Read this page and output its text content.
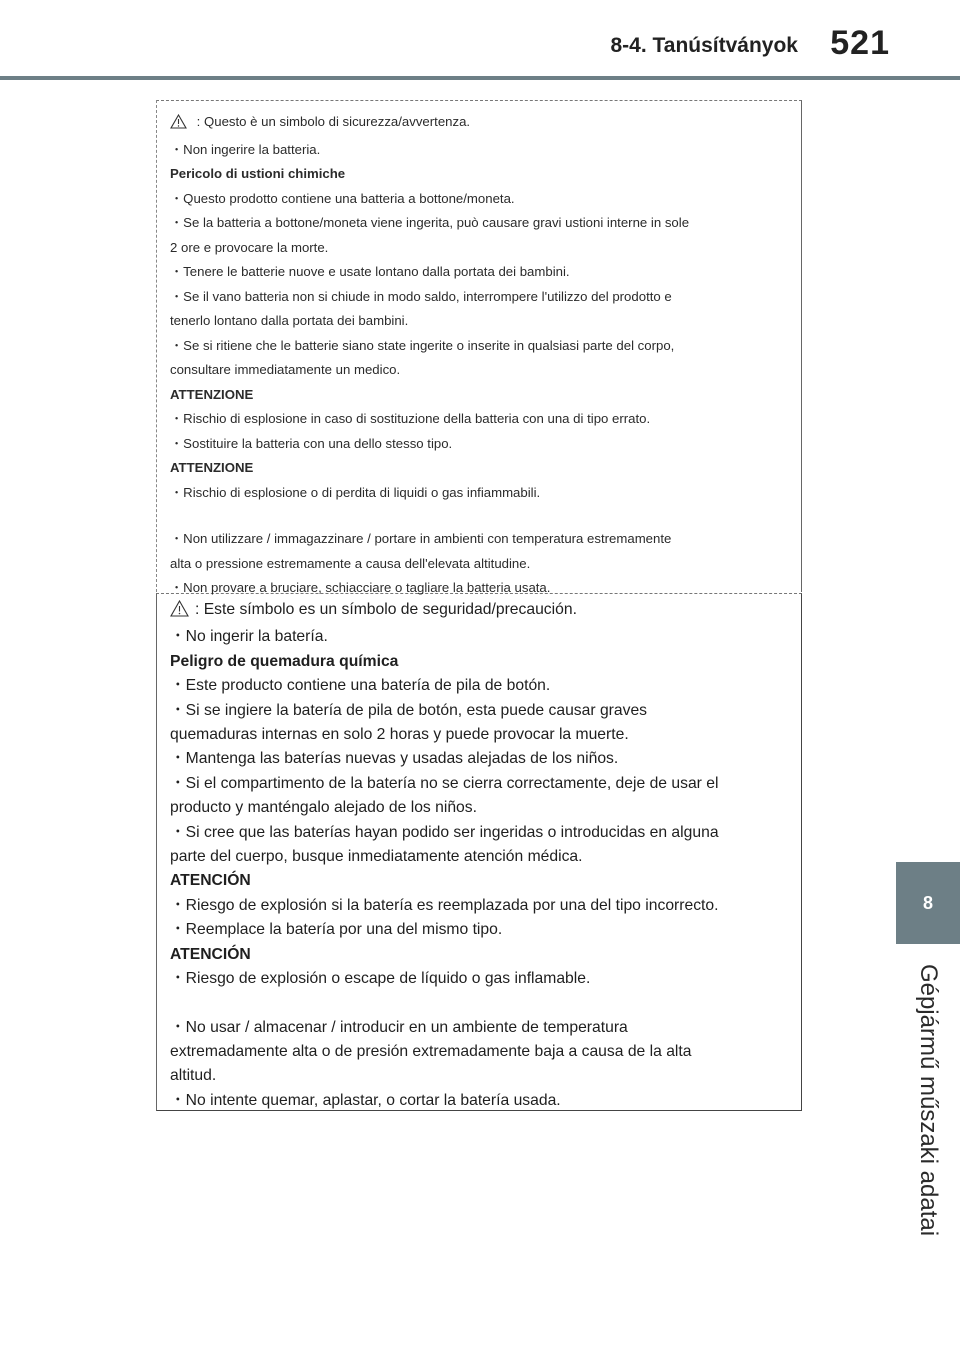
8-4. Tanúsítványok 521
8
Gépjármű műszaki adatai
: Questo è un simbolo di sicurezza/avvertenza.
・Non ingerire la batteria.
Pericolo di ustioni chimiche
・Questo prodotto contiene una batteria a bottone/moneta.
・Se la batteria a bottone/moneta viene ingerita, può causare gravi ustioni interne in sole
2 ore e provocare la morte.
・Tenere le batterie nuove e usate lontano dalla portata dei bambini.
・Se il vano batteria non si chiude in modo saldo, interrompere l'utilizzo del prodotto e
tenerlo lontano dalla portata dei bambini.
・Se si ritiene che le batterie siano state ingerite o inserite in qualsiasi parte del corpo,
consultare immediatamente un medico.
ATTENZIONE
・Rischio di esplosione in caso di sostituzione della batteria con una di tipo errato.
・Sostituire la batteria con una dello stesso tipo.
ATTENZIONE
・Rischio di esplosione o di perdita di liquidi o gas infiammabili.
・Non utilizzare / immagazzinare / portare in ambienti con temperatura estremamente
alta o pressione estremamente a causa dell'elevata altitudine.
・Non provare a bruciare, schiacciare o tagliare la batteria usata.
: Este símbolo es un símbolo de seguridad/precaución.
・No ingerir la batería.
Peligro de quemadura química
・Este producto contiene una batería de pila de botón.
・Si se ingiere la batería de pila de botón, esta puede causar graves
quemaduras internas en solo 2 horas y puede provocar la muerte.
・Mantenga las baterías nuevas y usadas alejadas de los niños.
・Si el compartimento de la batería no se cierra correctamente, deje de usar el
producto y manténgalo alejado de los niños.
・Si cree que las baterías hayan podido ser ingeridas o introducidas en alguna
parte del cuerpo, busque inmediatamente atención médica.
ATENCIÓN
・Riesgo de explosión si la batería es reemplazada por una del tipo incorrecto.
・Reemplace la batería por una del mismo tipo.
ATENCIÓN
・Riesgo de explosión o escape de líquido o gas inflamable.
・No usar / almacenar / introducir en un ambiente de temperatura
extremadamente alta o de presión extremadamente baja a causa de la alta
altitud.
・No intente quemar, aplastar, o cortar la batería usada.
